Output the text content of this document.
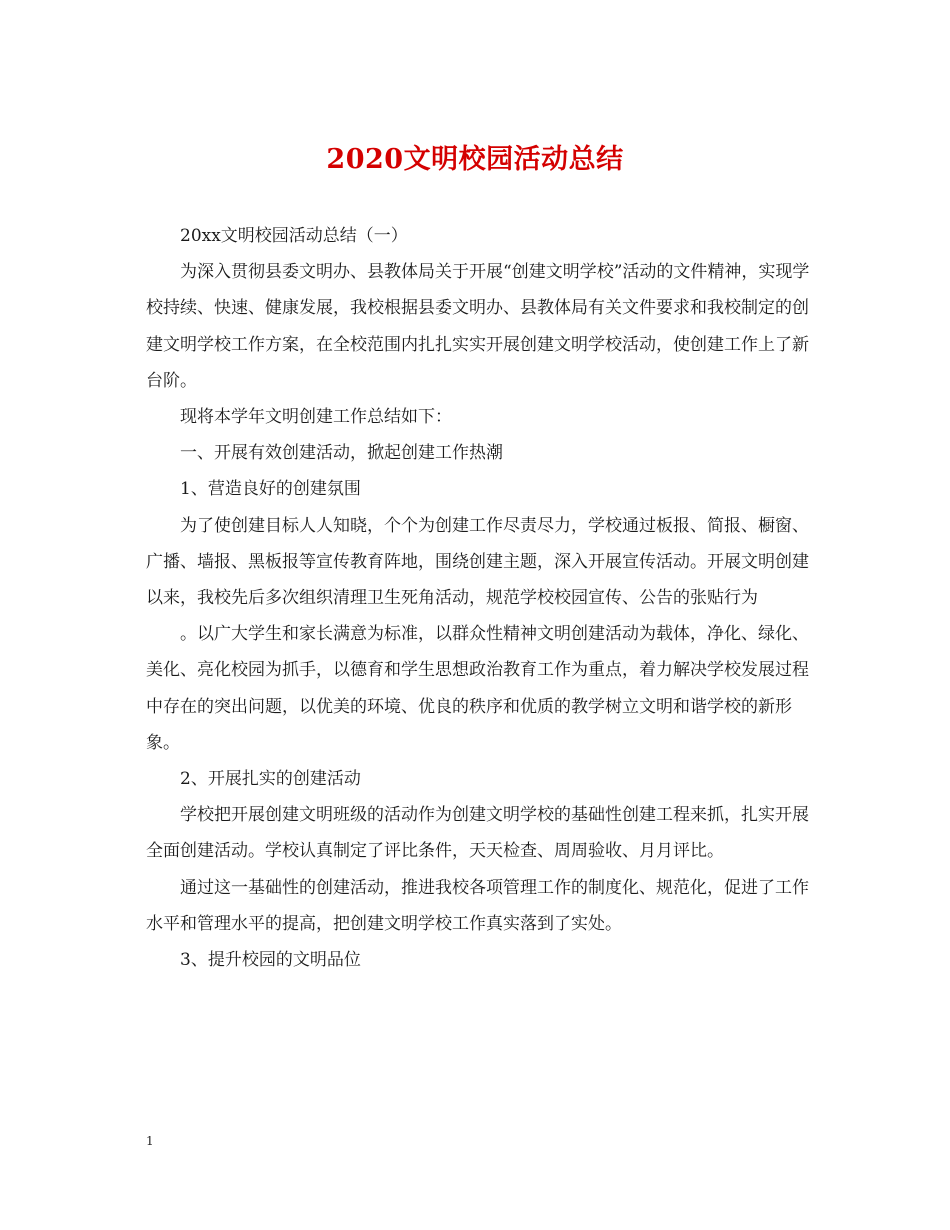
2020文明校园活动总结

20xx文明校园活动总结（一）

为深入贯彻县委文明办、县教体局关于开展“创建文明学校”活动的文件精神，实现学校持续、快速、健康发展，我校根据县委文明办、县教体局有关文件要求和我校制定的创建文明学校工作方案，在全校范围内扎扎实实开展创建文明学校活动，使创建工作上了新台阶。

现将本学年文明创建工作总结如下：

一、开展有效创建活动，掀起创建工作热潮

1、营造良好的创建氛围

为了使创建目标人人知晓，个个为创建工作尽责尽力，学校通过板报、简报、橱窗、广播、墙报、黑板报等宣传教育阵地，围绕创建主题，深入开展宣传活动。开展文明创建以来，我校先后多次组织清理卫生死角活动，规范学校校园宣传、公告的张贴行为

。以广大学生和家长满意为标准，以群众性精神文明创建活动为载体，净化、绿化、美化、亮化校园为抓手，以德育和学生思想政治教育工作为重点，着力解决学校发展过程中存在的突出问题，以优美的环境、优良的秩序和优质的教学树立文明和谐学校的新形象。

2、开展扎实的创建活动

学校把开展创建文明班级的活动作为创建文明学校的基础性创建工程来抓，扎实开展全面创建活动。学校认真制定了评比条件，天天检查、周周验收、月月评比。

通过这一基础性的创建活动，推进我校各项管理工作的制度化、规范化，促进了工作水平和管理水平的提高，把创建文明学校工作真实落到了实处。

3、提升校园的文明品位

1
